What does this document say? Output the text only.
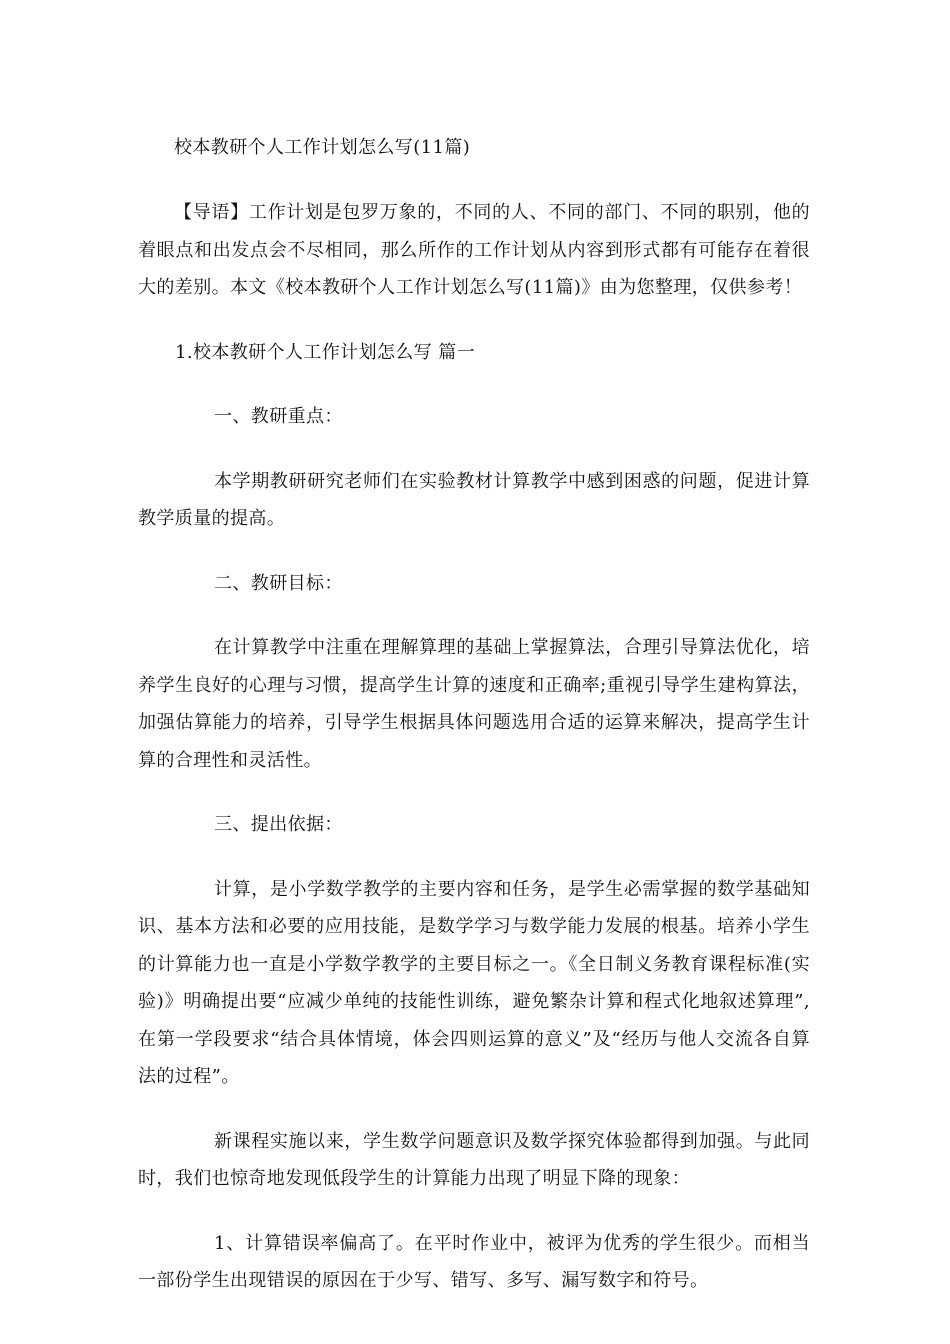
校本教研个人工作计划怎么写(11篇)

【导语】工作计划是包罗万象的，不同的人、不同的部门、不同的职别，他的着眼点和出发点会不尽相同，那么所作的工作计划从内容到形式都有可能存在着很大的差别。本文《校本教研个人工作计划怎么写(11篇)》由为您整理，仅供参考！

1.校本教研个人工作计划怎么写 篇一

一、教研重点：

本学期教研研究老师们在实验教材计算教学中感到困惑的问题，促进计算教学质量的提高。

二、教研目标：

在计算教学中注重在理解算理的基础上掌握算法，合理引导算法优化，培养学生良好的心理与习惯，提高学生计算的速度和正确率;重视引导学生建构算法，加强估算能力的培养，引导学生根据具体问题选用合适的运算来解决，提高学生计算的合理性和灵活性。

三、提出依据：

计算，是小学数学教学的主要内容和任务，是学生必需掌握的数学基础知识、基本方法和必要的应用技能，是数学学习与数学能力发展的根基。培养小学生的计算能力也一直是小学数学教学的主要目标之一。《全日制义务教育课程标准(实验)》明确提出要“应减少单纯的技能性训练，避免繁杂计算和程式化地叙述算理”,在第一学段要求“结合具体情境，体会四则运算的意义”及“经历与他人交流各自算法的过程”。

新课程实施以来，学生数学问题意识及数学探究体验都得到加强。与此同时，我们也惊奇地发现低段学生的计算能力出现了明显下降的现象：

1、计算错误率偏高了。在平时作业中，被评为优秀的学生很少。而相当一部份学生出现错误的原因在于少写、错写、多写、漏写数字和符号。
